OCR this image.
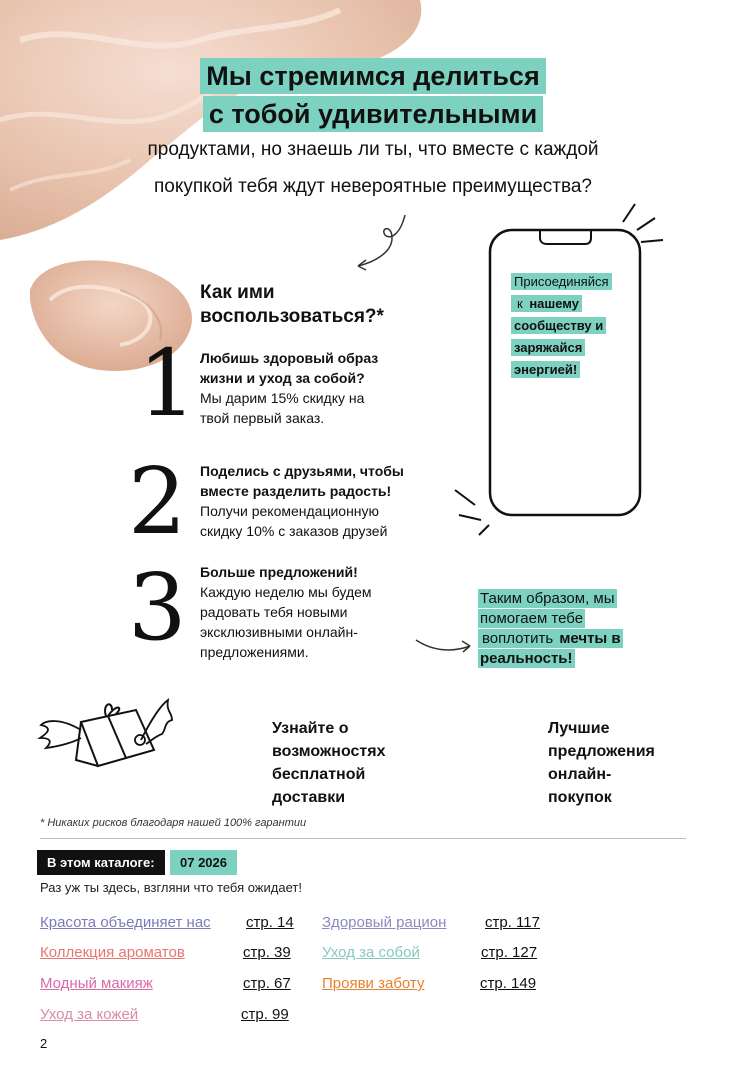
Мы стремимся делиться
с тобой удивительными
продуктами, но знаешь ли ты, что вместе с каждой
покупкой тебя ждут невероятные преимущества?
Как ими
воспользоваться?*
1 Любишь здоровый образ
жизни и уход за собой?
Мы дарим 15% скидку на
твой первый заказ.
2 Поделись с друзьями, чтобы
вместе разделить радость!
Получи рекомендационную
скидку 10% с заказов друзей
3 Больше предложений!
Каждую неделю мы будем
радовать тебя новыми
эксклюзивными онлайн-
предложениями.
Присоединяйся
к нашему
сообществу и
заряжайся
энергией!
Таким образом, мы
помогаем тебе
воплотить мечты в
реальность!
Узнайте о
возможностях
бесплатной
доставки
Лучшие
предложения
онлайн-
покупок
* Никаких рисков благодаря нашей 100% гарантии
В этом каталоге:	07 2026
Раз уж ты здесь, взгляни что тебя ожидает!
Красота объединяет нас стр. 14
Коллекция ароматов	стр. 39
Модный макияж	стр. 67
Уход за кожей	стр. 99
Здоровый рацион	стр. 117
Уход за собой	стр. 127
Прояви заботу	стр. 149
2
